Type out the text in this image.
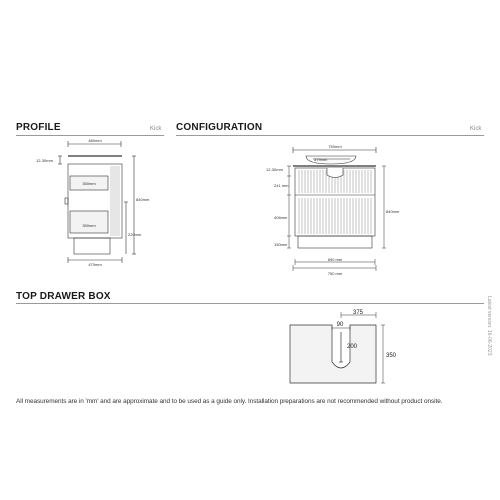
PROFILE	Kick CONFIGURATION	Kick
TOP DRAWER BOX
480mm
12-30mm
350mm
350mm
840mm
220mm
470mm
750mm
379mm
12-30mm
241 mm
406mm
150mm
840mm
690 mm
750 mm
Latest version: 16-06-2023
375
90
200
350
All measurements are in 'mm' and are approximate and to be used as a guide only. Installation preparations are not recommended without product onsite.
